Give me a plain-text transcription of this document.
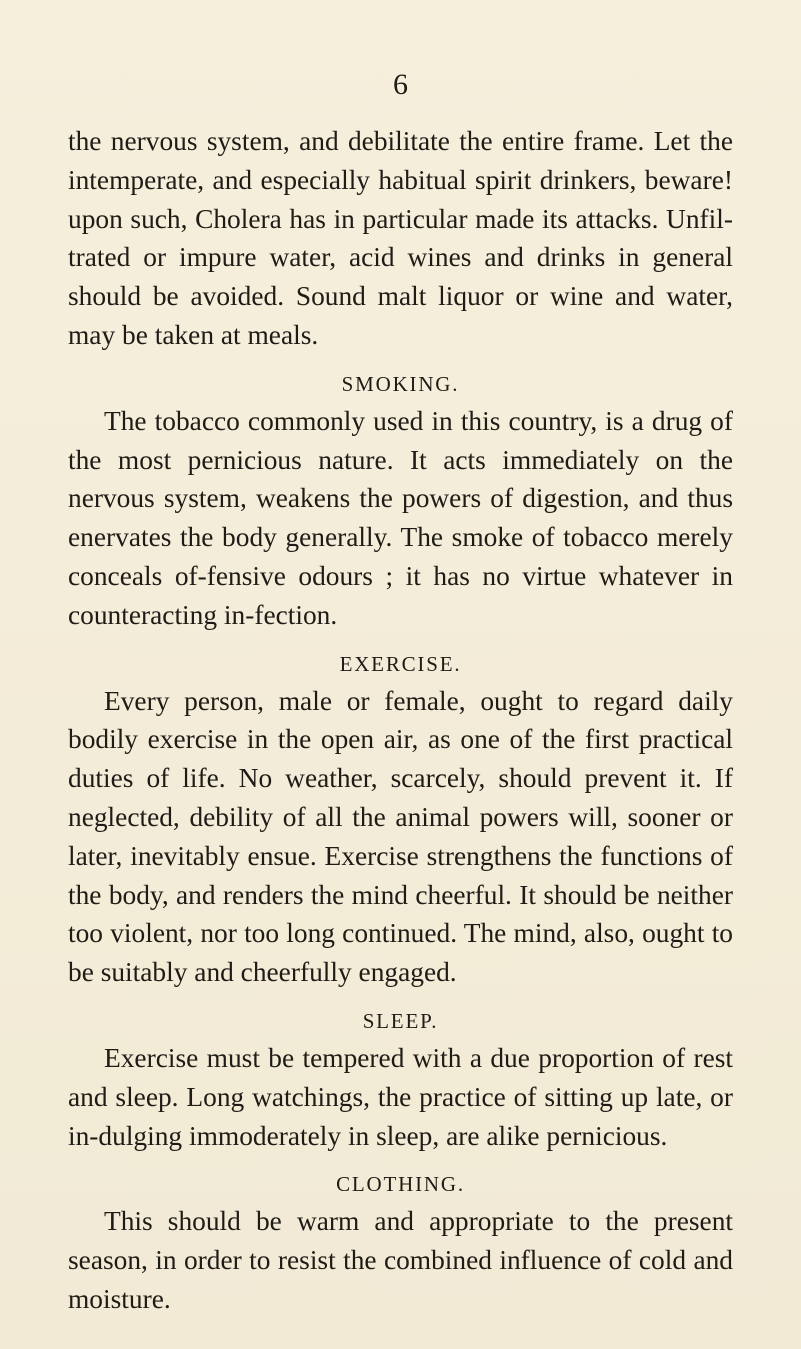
6

the nervous system, and debilitate the entire frame. Let the intemperate, and especially habitual spirit drinkers, beware! upon such, Cholera has in particular made its attacks. Unfil-trated or impure water, acid wines and drinks in general should be avoided. Sound malt liquor or wine and water, may be taken at meals.

SMOKING.

The tobacco commonly used in this country, is a drug of the most pernicious nature. It acts immediately on the nervous system, weakens the powers of digestion, and thus enervates the body generally. The smoke of tobacco merely conceals of-fensive odours ; it has no virtue whatever in counteracting in-fection.

EXERCISE.

Every person, male or female, ought to regard daily bodily exercise in the open air, as one of the first practical duties of life. No weather, scarcely, should prevent it. If neglected, debility of all the animal powers will, sooner or later, inevitably ensue. Exercise strengthens the functions of the body, and renders the mind cheerful. It should be neither too violent, nor too long continued. The mind, also, ought to be suitably and cheerfully engaged.

SLEEP.

Exercise must be tempered with a due proportion of rest and sleep. Long watchings, the practice of sitting up late, or in-dulging immoderately in sleep, are alike pernicious.

CLOTHING.

This should be warm and appropriate to the present season, in order to resist the combined influence of cold and moisture.
